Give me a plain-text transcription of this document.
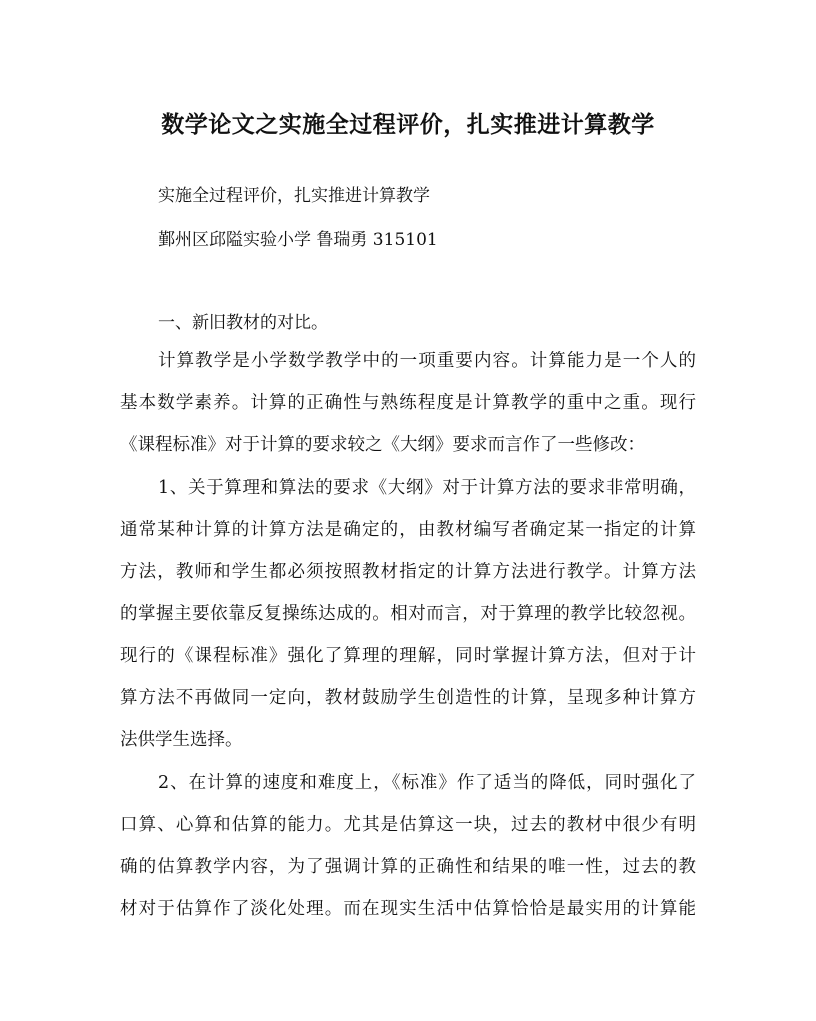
数学论文之实施全过程评价，扎实推进计算教学
实施全过程评价，扎实推进计算教学
鄞州区邱隘实验小学 鲁瑞勇 315101
一、新旧教材的对比。
计算教学是小学数学教学中的一项重要内容。计算能力是一个人的
基本数学素养。计算的正确性与熟练程度是计算教学的重中之重。现行
《课程标准》对于计算的要求较之《大纲》要求而言作了一些修改：
1、关于算理和算法的要求《大纲》对于计算方法的要求非常明确，
通常某种计算的计算方法是确定的，由教材编写者确定某一指定的计算
方法，教师和学生都必须按照教材指定的计算方法进行教学。计算方法
的掌握主要依靠反复操练达成的。相对而言，对于算理的教学比较忽视。
现行的《课程标准》强化了算理的理解，同时掌握计算方法，但对于计
算方法不再做同一定向，教材鼓励学生创造性的计算，呈现多种计算方
法供学生选择。
2、在计算的速度和难度上，《标准》作了适当的降低，同时强化了
口算、心算和估算的能力。尤其是估算这一块，过去的教材中很少有明
确的估算教学内容，为了强调计算的正确性和结果的唯一性，过去的教
材对于估算作了淡化处理。而在现实生活中估算恰恰是最实用的计算能
